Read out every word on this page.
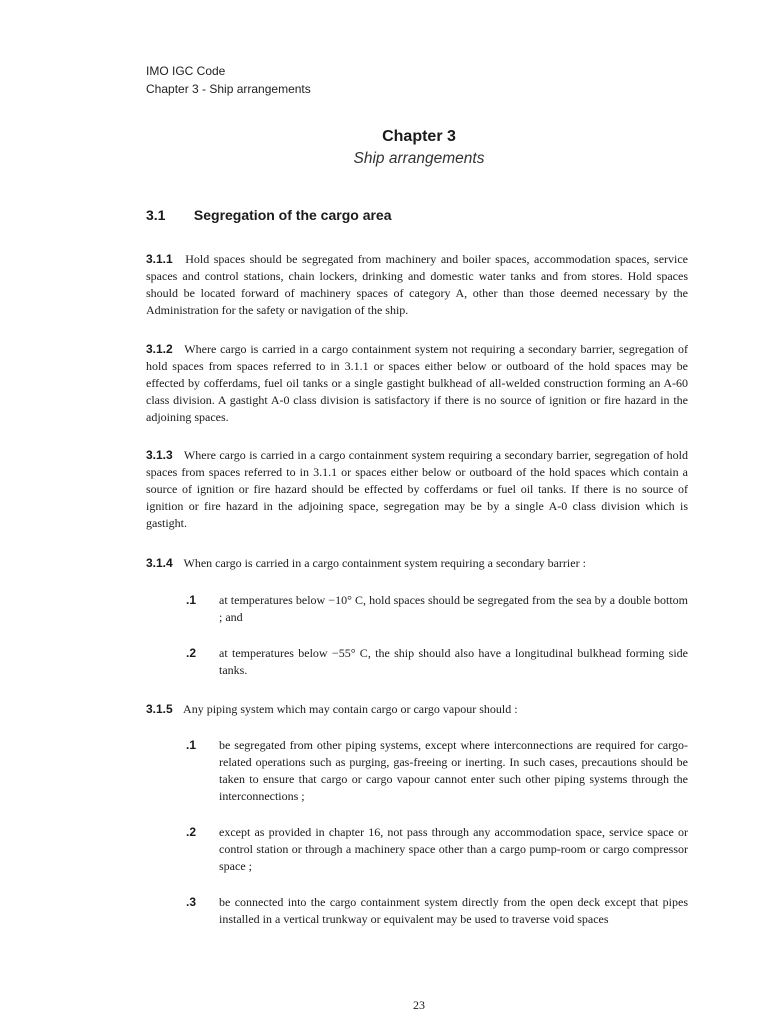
IMO IGC Code
Chapter 3 - Ship arrangements
Chapter 3
Ship arrangements
3.1 Segregation of the cargo area
3.1.1 Hold spaces should be segregated from machinery and boiler spaces, accommodation spaces, service spaces and control stations, chain lockers, drinking and domestic water tanks and from stores. Hold spaces should be located forward of machinery spaces of category A, other than those deemed necessary by the Administration for the safety or navigation of the ship.
3.1.2 Where cargo is carried in a cargo containment system not requiring a secondary barrier, segregation of hold spaces from spaces referred to in 3.1.1 or spaces either below or outboard of the hold spaces may be effected by cofferdams, fuel oil tanks or a single gastight bulkhead of all-welded construction forming an A-60 class division. A gastight A-0 class division is satisfactory if there is no source of ignition or fire hazard in the adjoining spaces.
3.1.3 Where cargo is carried in a cargo containment system requiring a secondary barrier, segregation of hold spaces from spaces referred to in 3.1.1 or spaces either below or outboard of the hold spaces which contain a source of ignition or fire hazard should be effected by cofferdams or fuel oil tanks. If there is no source of ignition or fire hazard in the adjoining space, segregation may be by a single A-0 class division which is gastight.
3.1.4 When cargo is carried in a cargo containment system requiring a secondary barrier :
.1 at temperatures below −10° C, hold spaces should be segregated from the sea by a double bottom ; and
.2 at temperatures below −55° C, the ship should also have a longitudinal bulkhead forming side tanks.
3.1.5 Any piping system which may contain cargo or cargo vapour should :
.1 be segregated from other piping systems, except where interconnections are required for cargo-related operations such as purging, gas-freeing or inerting. In such cases, precautions should be taken to ensure that cargo or cargo vapour cannot enter such other piping systems through the interconnections ;
.2 except as provided in chapter 16, not pass through any accommodation space, service space or control station or through a machinery space other than a cargo pump-room or cargo compressor space ;
.3 be connected into the cargo containment system directly from the open deck except that pipes installed in a vertical trunkway or equivalent may be used to traverse void spaces
23
